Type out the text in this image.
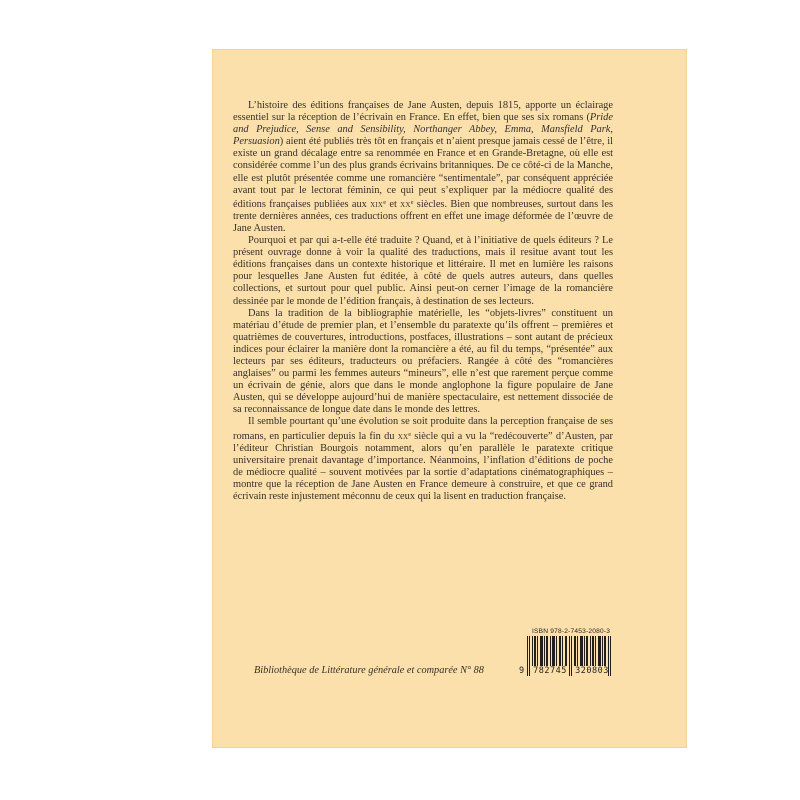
L’histoire des éditions françaises de Jane Austen, depuis 1815, apporte un éclairage essentiel sur la réception de l’écrivain en France. En effet, bien que ses six romans (Pride and Prejudice, Sense and Sensibility, Northanger Abbey, Emma, Mansfield Park, Persuasion) aient été publiés très tôt en français et n’aient presque jamais cessé de l’être, il existe un grand décalage entre sa renommée en France et en Grande-Bretagne, où elle est considérée comme l’un des plus grands écrivains britanniques. De ce côté-ci de la Manche, elle est plutôt présentée comme une romancière “sentimentale”, par conséquent appréciée avant tout par le lectorat féminin, ce qui peut s’expliquer par la médiocre qualité des éditions françaises publiées aux xix$^e$ et $xx^e$ siècles. Bien que nombreuses, surtout dans les trente dernières années, ces traductions offrent en effet une image déformée de l’œuvre de Jane Austen.

Pourquoi et par qui a-t-elle été traduite ? Quand, et à l’initiative de quels éditeurs ? Le présent ouvrage donne à voir la qualité des traductions, mais il resitue avant tout les éditions françaises dans un contexte historique et littéraire. Il met en lumière les raisons pour lesquelles Jane Austen fut éditée, à côté de quels autres auteurs, dans quelles collections, et surtout pour quel public. Ainsi peut-on cerner l’image de la romancière dessinée par le monde de l’édition français, à destination de ses lecteurs.

Dans la tradition de la bibliographie matérielle, les “objets-livres” constituent un matériau d’étude de premier plan, et l’ensemble du paratexte qu’ils offrent – premières et quatrièmes de couvertures, introductions, postfaces, illustrations – sont autant de précieux indices pour éclairer la manière dont la romancière a été, au fil du temps, “présentée” aux lecteurs par ses éditeurs, traducteurs ou préfaciers. Rangée à côté des “romancières anglaises” ou parmi les femmes auteurs “mineurs”, elle n’est que rarement perçue comme un écrivain de génie, alors que dans le monde anglophone la figure populaire de Jane Austen, qui se développe aujourd’hui de manière spectaculaire, est nettement dissociée de sa reconnaissance de longue date dans le monde des lettres.

Il semble pourtant qu’une évolution se soit produite dans la perception française de ses romans, en particulier depuis la fin du $xx^e$ siècle qui a vu la “redécouverte” d’Austen, par l’éditeur Christian Bourgois notamment, alors qu’en parallèle le paratexte critique universitaire prenait davantage d’importance. Néanmoins, l’inflation d’éditions de poche de médiocre qualité – souvent motivées par la sortie d’adaptations cinématographiques – montre que la réception de Jane Austen en France demeure à construire, et que ce grand écrivain reste injustement méconnu de ceux qui la lisent en traduction française.

Bibliothèque de Littérature générale et comparée N° 88
ISBN 978-2-7453-2080-3
9 782745 320803
